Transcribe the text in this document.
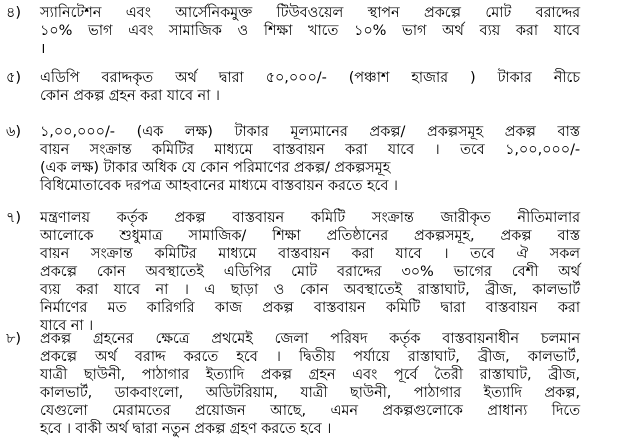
৪) স্যানিটেশন এবং আর্সেনিকমুক্ত টিউবওয়েল স্থাপন প্রকল্পে মোট বরাদ্দের
১০% ভাগ এবং সামাজিক ও শিক্ষা খাতে ১০% ভাগ অর্থ ব্যয় করা যাবে
।
৫) এডিপি বরাদ্দকৃত অর্থ দ্বারা ৫০,০০০/- (পঞ্চাশ হাজার ) টাকার নীচে
কোন প্রকল্প গ্রহন করা যাবে না ।
৬) ১,০০,০০০/- (এক লক্ষ) টাকার মূল্যমানের প্রকল্প/ প্রকল্পসমূহ প্রকল্প বাস্ত
বায়ন সংক্রান্ত কমিটির মাধ্যমে বাস্তবায়ন করা যাবে । তবে ১,০০,০০০/-
(এক লক্ষ) টাকার অধিক যে কোন পরিমাণের প্রকল্প/ প্রকল্পসমূহ
বিধিমোতাবেক দরপত্র আহবানের মাধ্যমে বাস্তবায়ন করতে হবে ।
৭) মন্ত্রণালয় কর্তৃক প্রকল্প বাস্তবায়ন কমিটি সংক্রান্ত জারীকৃত নীতিমালার
আলোকে শুধুমাত্র সামাজিক/ শিক্ষা প্রতিষ্ঠানের প্রকল্পসমূহ, প্রকল্প বাস্ত
বায়ন সংক্রান্ত কমিটির মাধ্যমে বাস্তবায়ন করা যাবে । তবে ঐ সকল
প্রকল্পে কোন অবস্থাতেই এডিপির মোট বরাদ্দের ৩০% ভাগের বেশী অর্থ
ব্যয় করা যাবে না । এ ছাড়া ও কোন অবস্থাতেই রাস্তাঘাট, ব্রীজ, কালভার্ট
নির্মাণের মত কারিগরি কাজ প্রকল্প বাস্তবায়ন কমিটি দ্বারা বাস্তবায়ন করা
যাবে না ।
৮) প্রকল্প গ্রহনের ক্ষেত্রে প্রথমেই জেলা পরিষদ কর্তৃক বাস্তবায়নাধীন চলমান
প্রকল্পে অর্থ বরাদ্দ করতে হবে । দ্বিতীয় পর্যায়ে রাস্তাঘাট, ব্রীজ, কালভার্ট,
যাত্রী ছাউনী, পাঠাগার ইত্যাদি প্রকল্প গ্রহন এবং পূর্বে তৈরী রাস্তাঘাট, ব্রীজ,
কালভার্ট, ডাকবাংলো, অডিটরিয়াম, যাত্রী ছাউনী, পাঠাগার ইত্যাদি প্রকল্প,
যেগুলো মেরামতের প্রয়োজন আছে, এমন প্রকল্পগুলোকে প্রাধান্য দিতে
হবে । বাকী অর্থ দ্বারা নতুন প্রকল্প গ্রহণ করতে হবে ।
